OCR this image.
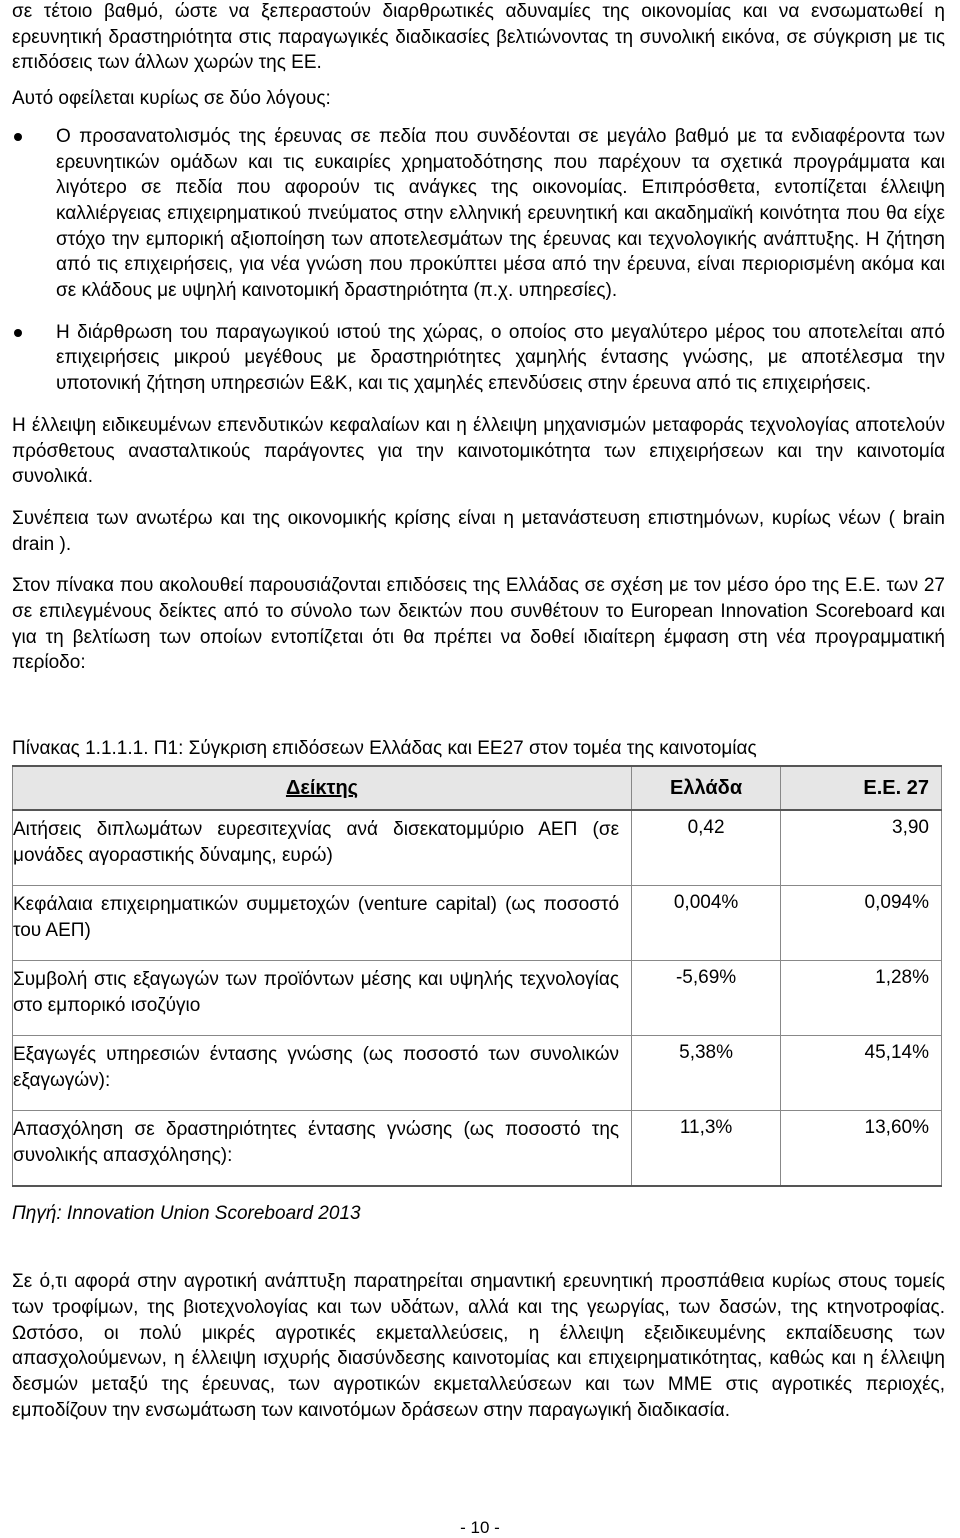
σε τέτοιο βαθμό, ώστε να ξεπεραστούν διαρθρωτικές αδυναμίες της οικονομίας και να ενσωματωθεί η ερευνητική δραστηριότητα στις παραγωγικές διαδικασίες βελτιώνοντας τη συνολική εικόνα, σε σύγκριση με τις επιδόσεις των άλλων χωρών της ΕΕ.

Αυτό οφείλεται κυρίως σε δύο λόγους:

Ο προσανατολισμός της έρευνας σε πεδία που συνδέονται σε μεγάλο βαθμό με τα ενδιαφέροντα των ερευνητικών ομάδων και τις ευκαιρίες χρηματοδότησης που παρέχουν τα σχετικά προγράμματα και λιγότερο σε πεδία που αφορούν τις ανάγκες της οικονομίας. Επιπρόσθετα, εντοπίζεται έλλειψη καλλιέργειας επιχειρηματικού πνεύματος στην ελληνική ερευνητική και ακαδημαϊκή κοινότητα που θα είχε στόχο την εμπορική αξιοποίηση των αποτελεσμάτων της έρευνας και τεχνολογικής ανάπτυξης. Η ζήτηση από τις επιχειρήσεις, για νέα γνώση που προκύπτει μέσα από την έρευνα, είναι περιορισμένη ακόμα και σε κλάδους με υψηλή καινοτομική δραστηριότητα (π.χ. υπηρεσίες).
Η διάρθρωση του παραγωγικού ιστού της χώρας, ο οποίος στο μεγαλύτερο μέρος του αποτελείται από επιχειρήσεις μικρού μεγέθους με δραστηριότητες χαμηλής έντασης γνώσης, με αποτέλεσμα την υποτονική ζήτηση υπηρεσιών Ε&Κ, και τις χαμηλές επενδύσεις στην έρευνα από τις επιχειρήσεις.

Η έλλειψη ειδικευμένων επενδυτικών κεφαλαίων και η έλλειψη μηχανισμών μεταφοράς τεχνολογίας αποτελούν πρόσθετους ανασταλτικούς παράγοντες για την καινοτομικότητα των επιχειρήσεων και την καινοτομία συνολικά.

Συνέπεια των ανωτέρω και της οικονομικής κρίσης είναι η μετανάστευση επιστημόνων, κυρίως νέων ( brain drain ).

Στον πίνακα που ακολουθεί παρουσιάζονται επιδόσεις της Ελλάδας σε σχέση με τον μέσο όρο της Ε.Ε. των 27 σε επιλεγμένους δείκτες από το σύνολο των δεικτών που συνθέτουν το European Innovation Scoreboard και για τη βελτίωση των οποίων εντοπίζεται ότι θα πρέπει να δοθεί ιδιαίτερη έμφαση στη νέα προγραμματική περίοδο:

Πίνακας 1.1.1.1. Π1: Σύγκριση επιδόσεων Ελλάδας και ΕΕ27 στον τομέα της καινοτομίας
Δείκτης	Ελλάδα	Ε.Ε. 27
Αιτήσεις διπλωμάτων ευρεσιτεχνίας ανά δισεκατομμύριο ΑΕΠ (σε μονάδες αγοραστικής δύναμης, ευρώ)	0,42	3,90
Κεφάλαια επιχειρηματικών συμμετοχών (venture capital) (ως ποσοστό του ΑΕΠ)	0,004%	0,094%
Συμβολή στις εξαγωγών των προϊόντων μέσης και υψηλής τεχνολογίας στο εμπορικό ισοζύγιο	-5,69%	1,28%
Εξαγωγές υπηρεσιών έντασης γνώσης (ως ποσοστό των συνολικών εξαγωγών):	5,38%	45,14%
Απασχόληση σε δραστηριότητες έντασης γνώσης (ως ποσοστό της συνολικής απασχόλησης):	11,3%	13,60%
Πηγή: Innovation Union Scoreboard 2013

Σε ό,τι αφορά στην αγροτική ανάπτυξη παρατηρείται σημαντική ερευνητική προσπάθεια κυρίως στους τομείς των τροφίμων, της βιοτεχνολογίας και των υδάτων, αλλά και της γεωργίας, των δασών, της κτηνοτροφίας. Ωστόσο, οι πολύ μικρές αγροτικές εκμεταλλεύσεις, η έλλειψη εξειδικευμένης εκπαίδευσης των απασχολούμενων, η έλλειψη ισχυρής διασύνδεσης καινοτομίας και επιχειρηματικότητας, καθώς και η έλλειψη δεσμών μεταξύ της έρευνας, των αγροτικών εκμεταλλεύσεων και των ΜΜΕ στις αγροτικές περιοχές, εμποδίζουν την ενσωμάτωση των καινοτόμων δράσεων στην παραγωγική διαδικασία.

- 10 -
